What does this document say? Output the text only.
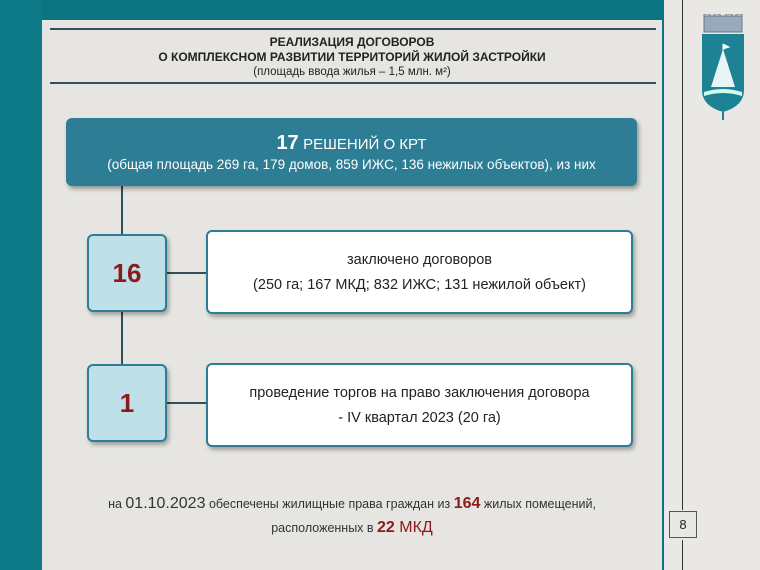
РЕАЛИЗАЦИЯ ДОГОВОРОВ
О КОМПЛЕКСНОМ РАЗВИТИИ ТЕРРИТОРИЙ ЖИЛОЙ ЗАСТРОЙКИ
(площадь ввода жилья – 1,5 млн. м²)
17 РЕШЕНИЙ О КРТ
(общая площадь 269 га, 179 домов, 859 ИЖС, 136 нежилых объектов), из них
16	заключено договоров
(250 га; 167 МКД; 832 ИЖС; 131 нежилой объект)
1	проведение торгов на право заключения договора
- IV квартал 2023 (20 га)
на 01.10.2023 обеспечены жилищные права граждан из 164 жилых помещений,
расположенных в 22 МКД	8
